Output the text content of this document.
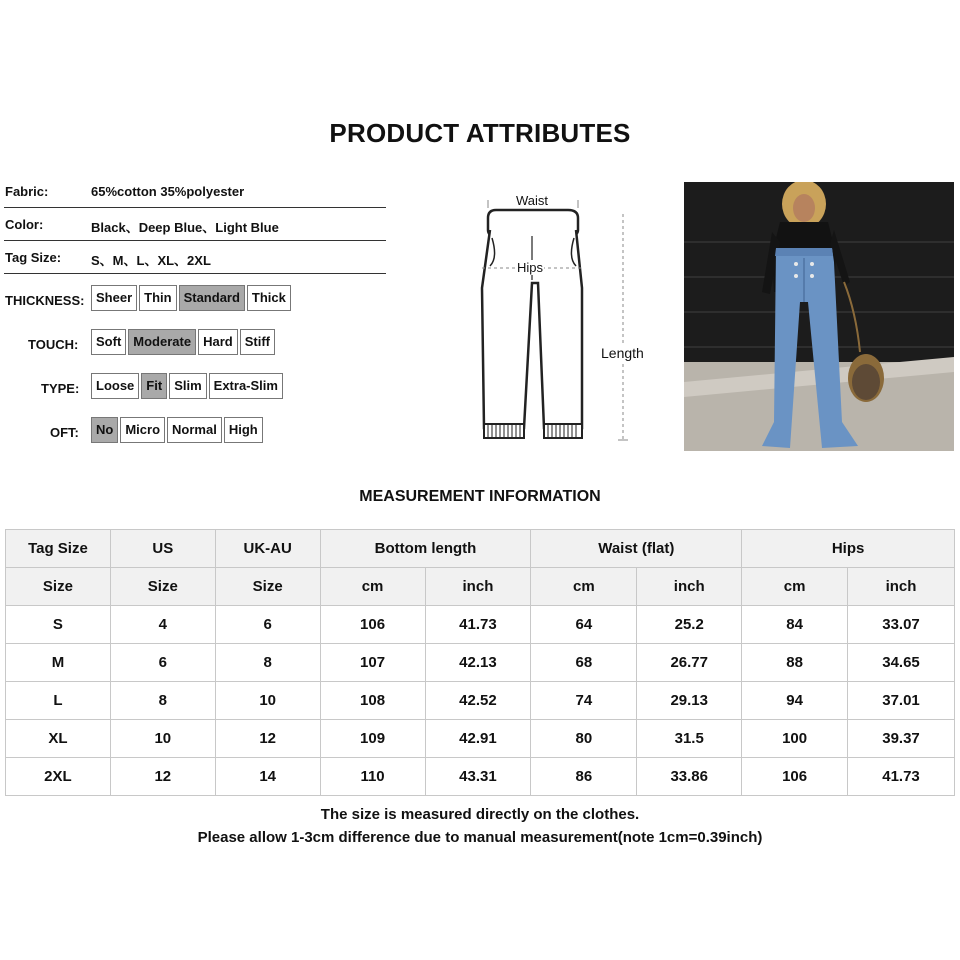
PRODUCT ATTRIBUTES
Fabric:	65%cotton 35%polyester
Color:	Black、Deep Blue、Light Blue
Tag Size: S、M、L、XL、2XL
THICKNESS: Sheer Thin Standard Thick
TOUCH:	Soft Moderate Hard Stiff
TYPE:	Loose Fit Slim Extra-Slim
OFT:	No Micro Normal High
Waist
Hips
Length
MEASUREMENT INFORMATION
Tag Size	US	UK-AU	Bottom length		Waist (flat)		Hips	
Size	Size	Size	cm	inch	cm	inch	cm	inch
S	4	6	106	41.73	64	25.2	84	33.07
M	6	8	107	42.13	68	26.77	88	34.65
L	8	10	108	42.52	74	29.13	94	37.01
XL	10	12	109	42.91	80	31.5	100	39.37
2XL	12	14	110	43.31	86	33.86	106	41.73
The size is measured directly on the clothes.
Please allow 1-3cm difference due to manual measurement(note 1cm=0.39inch)
